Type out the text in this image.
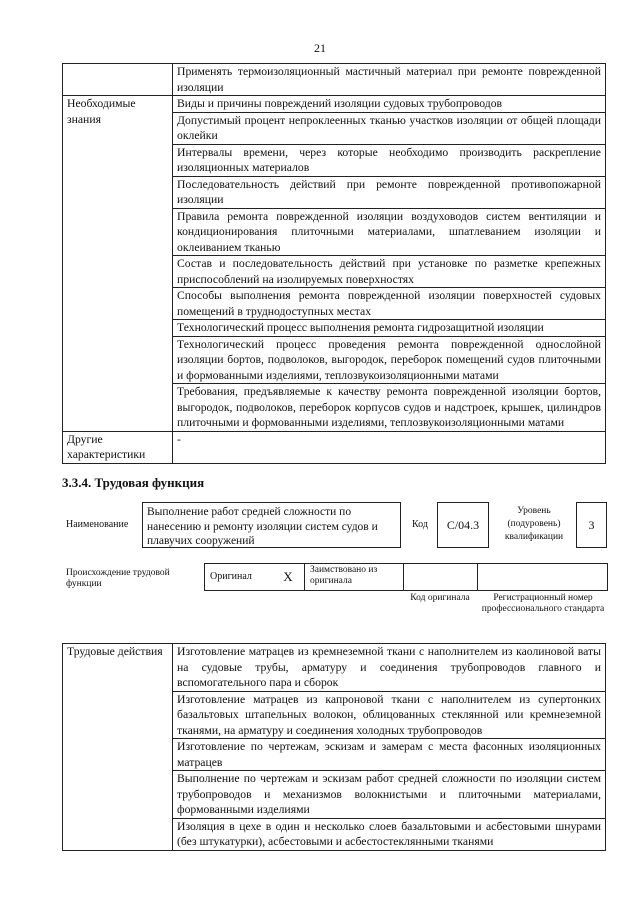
21
	Применять термоизоляционный мастичный материал при ремонте поврежденной изоляции
Необходимые знания	Виды и причины повреждений изоляции судовых трубопроводов
	Допустимый процент непроклеенных тканью участков изоляции от общей площади оклейки
	Интервалы времени, через которые необходимо производить раскрепление изоляционных материалов
	Последовательность действий при ремонте поврежденной противопожарной изоляции
	Правила ремонта поврежденной изоляции воздуховодов систем вентиляции и кондиционирования плиточными материалами, шпатлеванием изоляции и оклеиванием тканью
	Состав и последовательность действий при установке по разметке крепежных приспособлений на изолируемых поверхностях
	Способы выполнения ремонта поврежденной изоляции поверхностей судовых помещений в труднодоступных местах
	Технологический процесс выполнения ремонта гидрозащитной изоляции
	Технологический процесс проведения ремонта поврежденной однослойной изоляции бортов, подволоков, выгородок, переборок помещений судов плиточными и формованными изделиями, теплозвукоизоляционными матами
	Требования, предъявляемые к качеству ремонта поврежденной изоляции бортов, выгородок, подволоков, переборок корпусов судов и надстроек, крышек, цилиндров плиточными и формованными изделиями, теплозвукоизоляционными матами
Другие характеристики	-
3.3.4. Трудовая функция
Наименование
Выполнение работ средней сложности по нанесению и ремонту изоляции систем судов и плавучих сооружений
Код	C/04.3
Уровень (подуровень) квалификации
3
Происхождение трудовой функции
Оригинал	X	Заимствовано из оригинала
Код оригинала	Регистрационный номер профессионального стандарта
Трудовые действия	Изготовление матрацев из кремнеземной ткани с наполнителем из каолиновой ваты на судовые трубы, арматуру и соединения трубопроводов главного и вспомогательного пара и сборок
Изготовление матрацев из капроновой ткани с наполнителем из супертонких базальтовых штапельных волокон, облицованных стеклянной или кремнеземной тканями, на арматуру и соединения холодных трубопроводов
Изготовление по чертежам, эскизам и замерам с места фасонных изоляционных матрацев
Выполнение по чертежам и эскизам работ средней сложности по изоляции систем трубопроводов и механизмов волокнистыми и плиточными материалами, формованными изделиями
Изоляция в цехе в один и несколько слоев базальтовыми и асбестовыми шнурами (без штукатурки), асбестовыми и асбестостеклянными тканями
